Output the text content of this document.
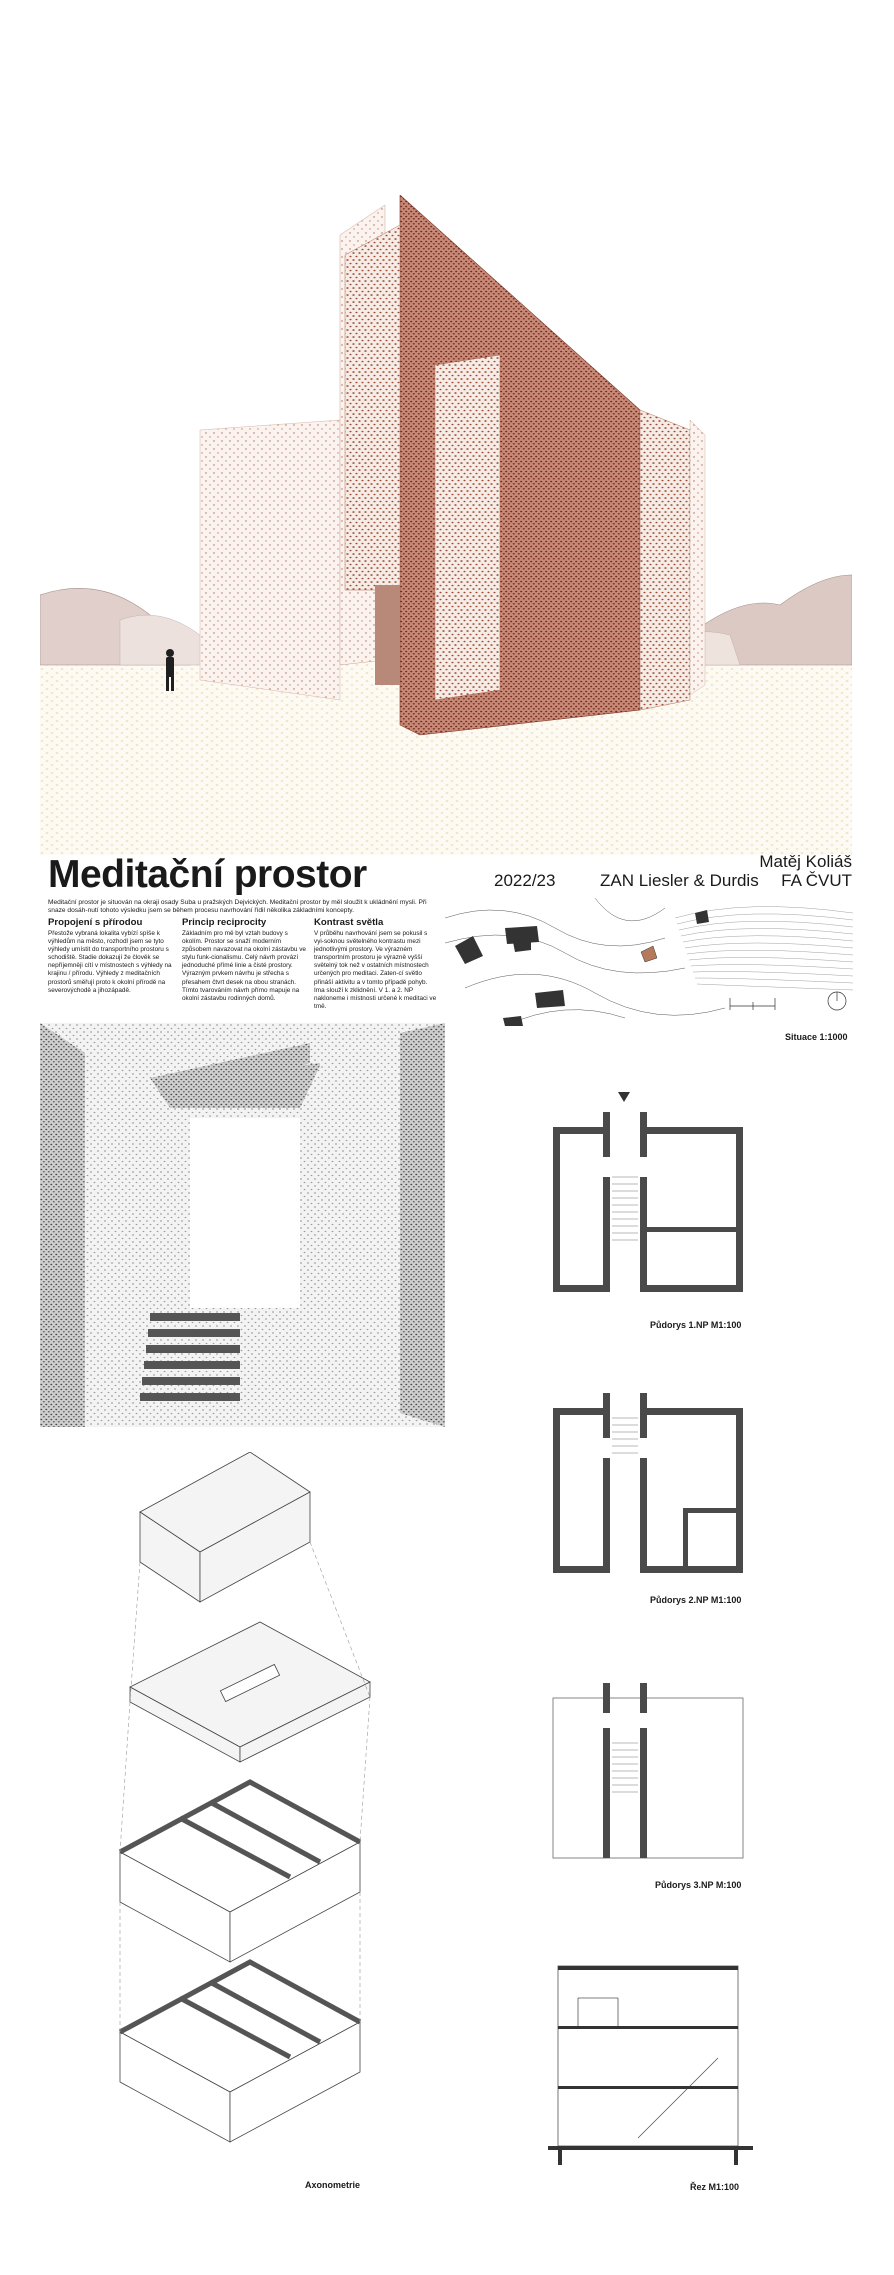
Meditační prostor	2022/23	ZAN Liesler & Durdis
Matěj Koliáš
FA ČVUT
Meditační prostor je situován na okraji osady Suba u pražských Dejvických. Meditační prostor by měl sloužit k ukládnění mysli. Při snaze dosáh-nutí tohoto výsledku jsem se během procesu navrhování řídil několika základními koncepty.
Propojení s přírodou

Přestože vybraná lokalita vybízí spíše k výhledům na město, rozhodl jsem se tyto výhledy umístit do transportního prostoru s schodiště. Stadie dokazují že člověk se nepříjemněji cítí v místnostech s výhledy na krajinu / přírodu. Výhledy z meditačních prostorů směřují proto k okolní přírodě na severovýchodě a jihozápadě.

Princip reciprocity

Základním pro mě byl vztah budovy s okolím. Prostor se snaží moderním způsobem navazovat na okolní zástavbu ve stylu funk-cionalismu. Celý návrh provází jednoduché přímé linie a čisté prostory. Výrazným prvkem návrhu je střecha s přesahem čtvrt desek na obou stranách. Tímto tvarováním návrh přímo mapuje na okolní zástavbu rodinných domů.

Kontrast světla

V průběhu navrhování jsem se pokusil s vyi-soknou světelného kontrastu mezi jednotlivými prostory. Ve výrazném transportním prostoru je výrazně vyšší světelný tok než v ostatních místnostech určených pro meditaci. Zaten-cí světlo přináší aktivitu a v tomto případě pohyb. Ima slouží k zklidnění. V 1. a 2. NP nakloneme i místnosti určené k meditaci ve tmě.

Situace 1:1000
Půdorys 1.NP M1:100
Půdorys 2.NP M1:100
Půdorys 3.NP M:100
Řez M1:100
Axonometrie
